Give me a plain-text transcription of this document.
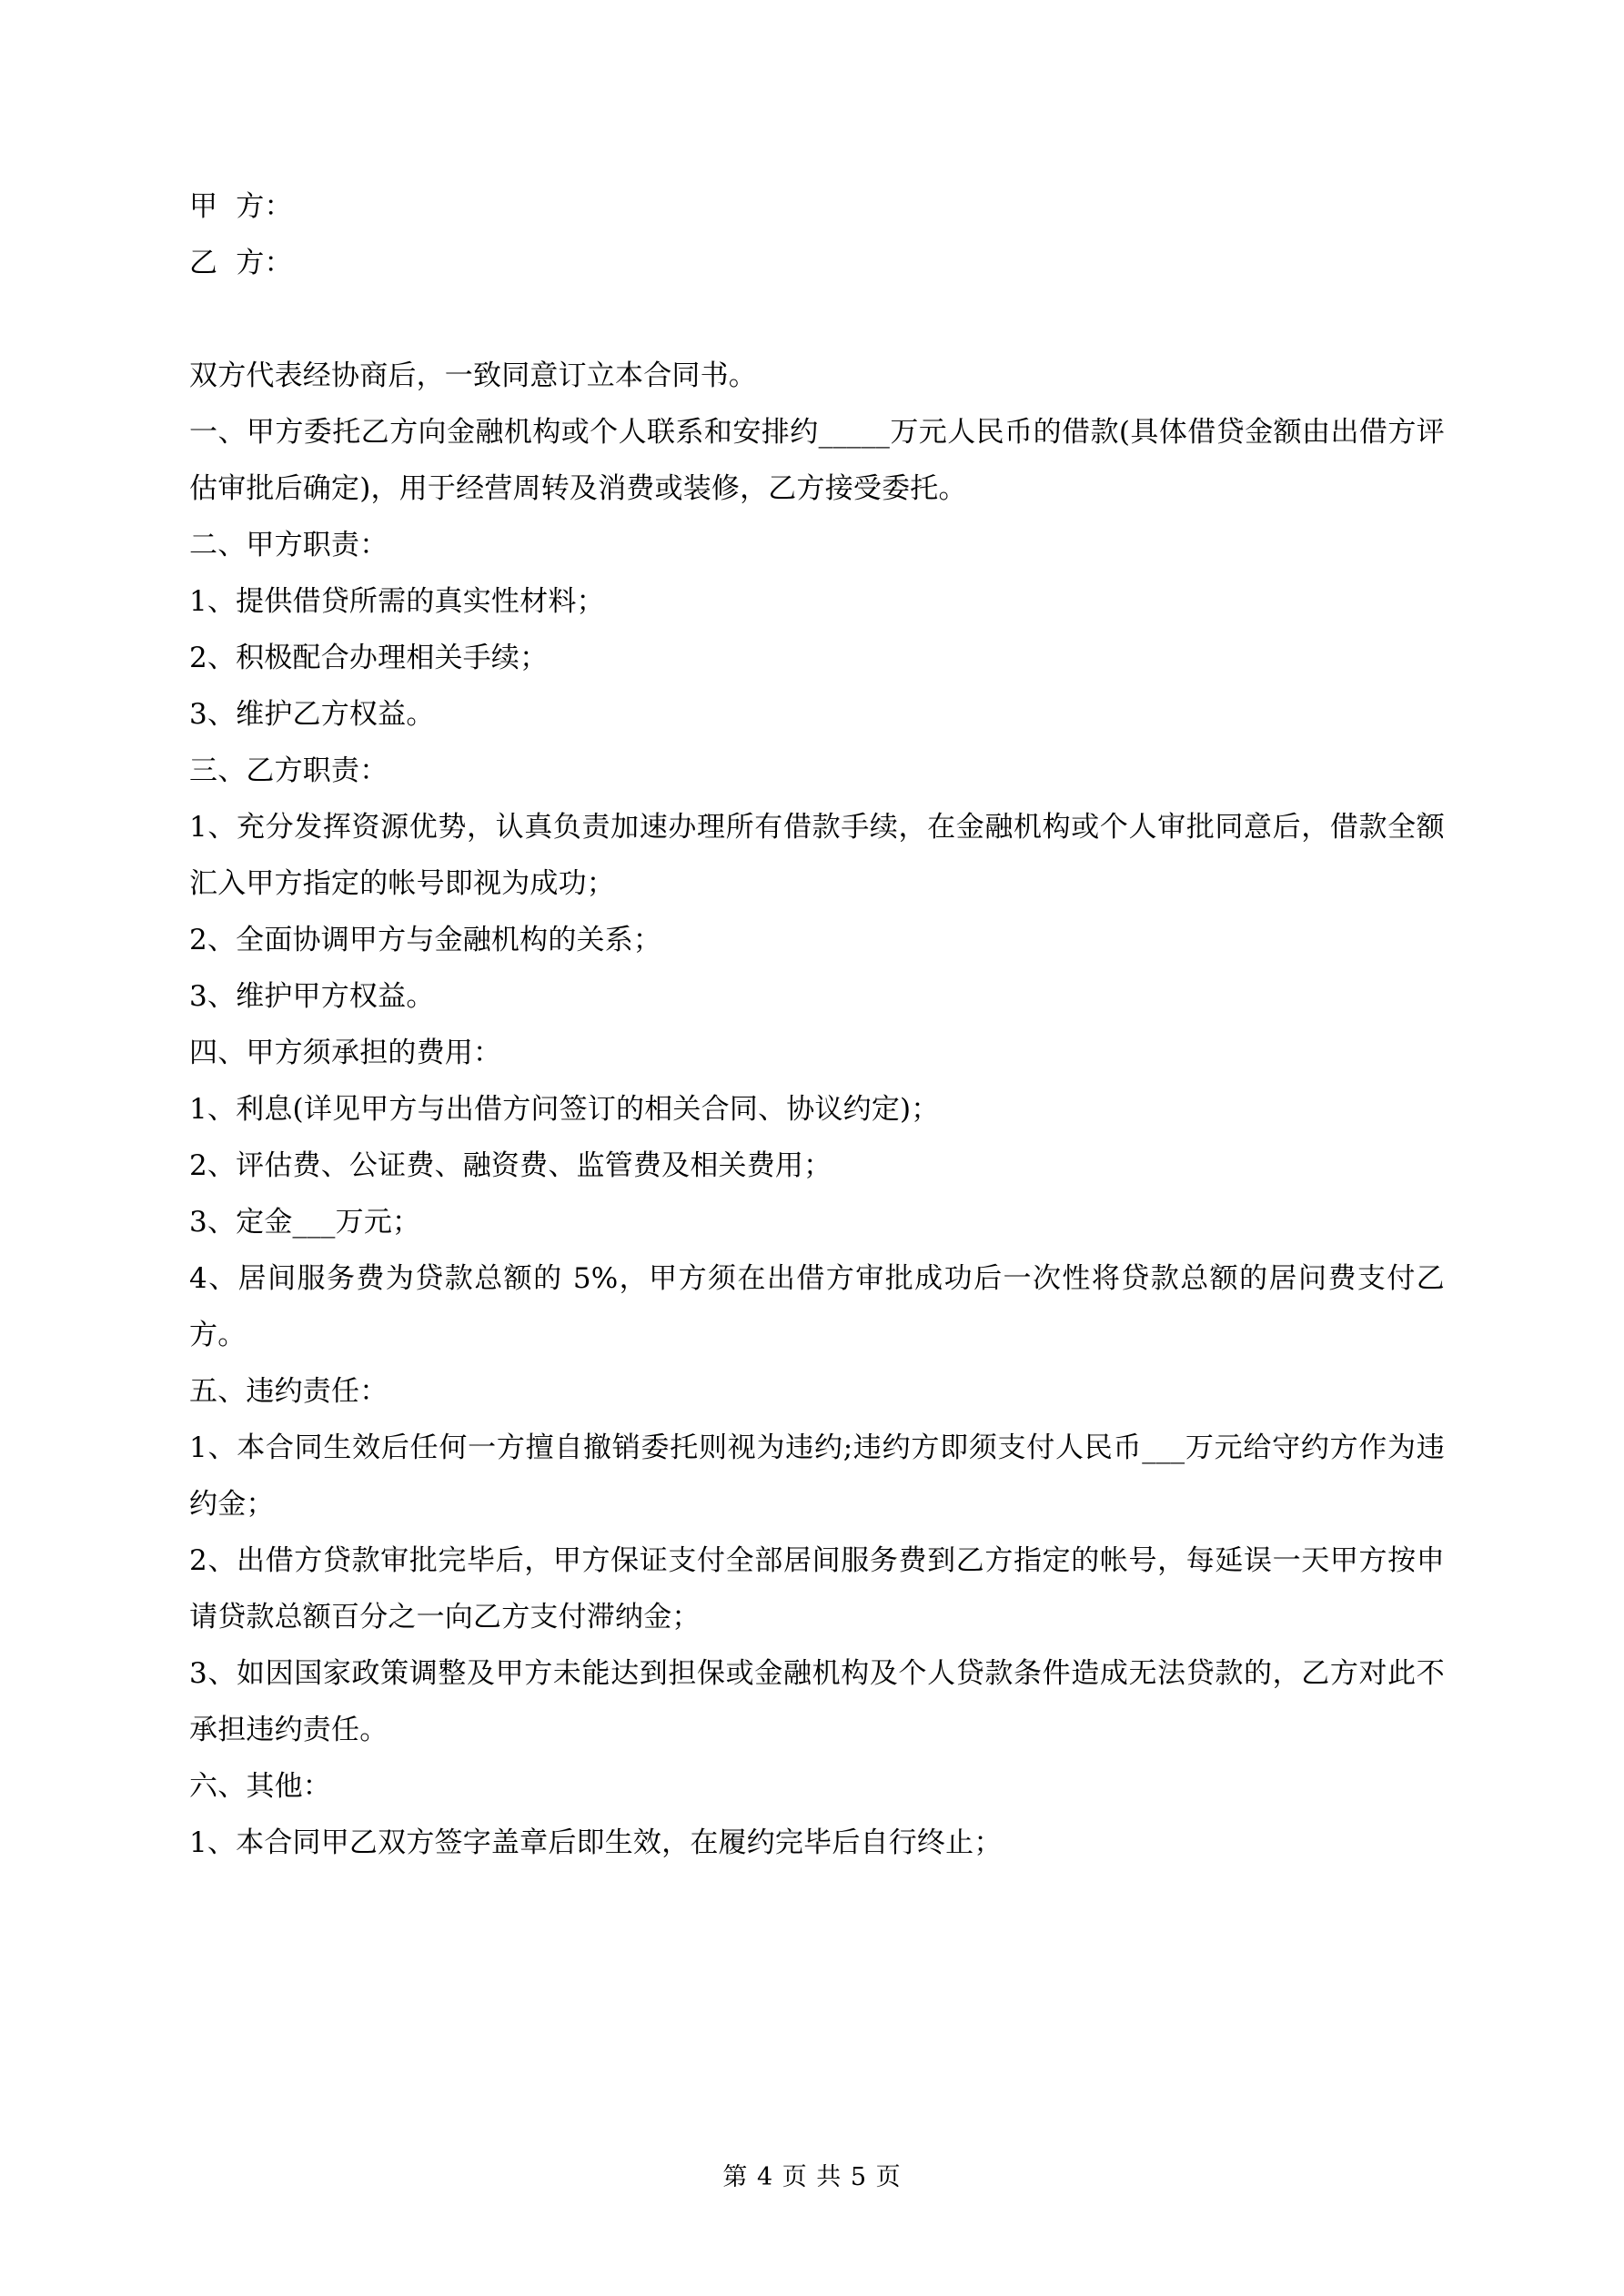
甲  方：
乙  方：
双方代表经协商后，一致同意订立本合同书。
一、甲方委托乙方向金融机构或个人联系和安排约_____万元人民币的借款(具体借贷金额由出借方评估审批后确定)，用于经营周转及消费或装修，乙方接受委托。
二、甲方职责：
1、提供借贷所需的真实性材料；
2、积极配合办理相关手续；
3、维护乙方权益。
三、乙方职责：
1、充分发挥资源优势，认真负责加速办理所有借款手续，在金融机构或个人审批同意后，借款全额汇入甲方指定的帐号即视为成功；
2、全面协调甲方与金融机构的关系；
3、维护甲方权益。
四、甲方须承担的费用：
1、利息(详见甲方与出借方问签订的相关合同、协议约定)；
2、评估费、公证费、融资费、监管费及相关费用；
3、定金___万元；
4、居间服务费为贷款总额的 5%，甲方须在出借方审批成功后一次性将贷款总额的居问费支付乙方。
五、违约责任：
1、本合同生效后任何一方擅自撤销委托则视为违约;违约方即须支付人民币___万元给守约方作为违约金；
2、出借方贷款审批完毕后，甲方保证支付全部居间服务费到乙方指定的帐号，每延误一天甲方按申请贷款总额百分之一向乙方支付滞纳金；
3、如因国家政策调整及甲方未能达到担保或金融机构及个人贷款条件造成无法贷款的，乙方对此不承担违约责任。
六、其他：
1、本合同甲乙双方签字盖章后即生效，在履约完毕后自行终止；
第 4 页 共 5 页
